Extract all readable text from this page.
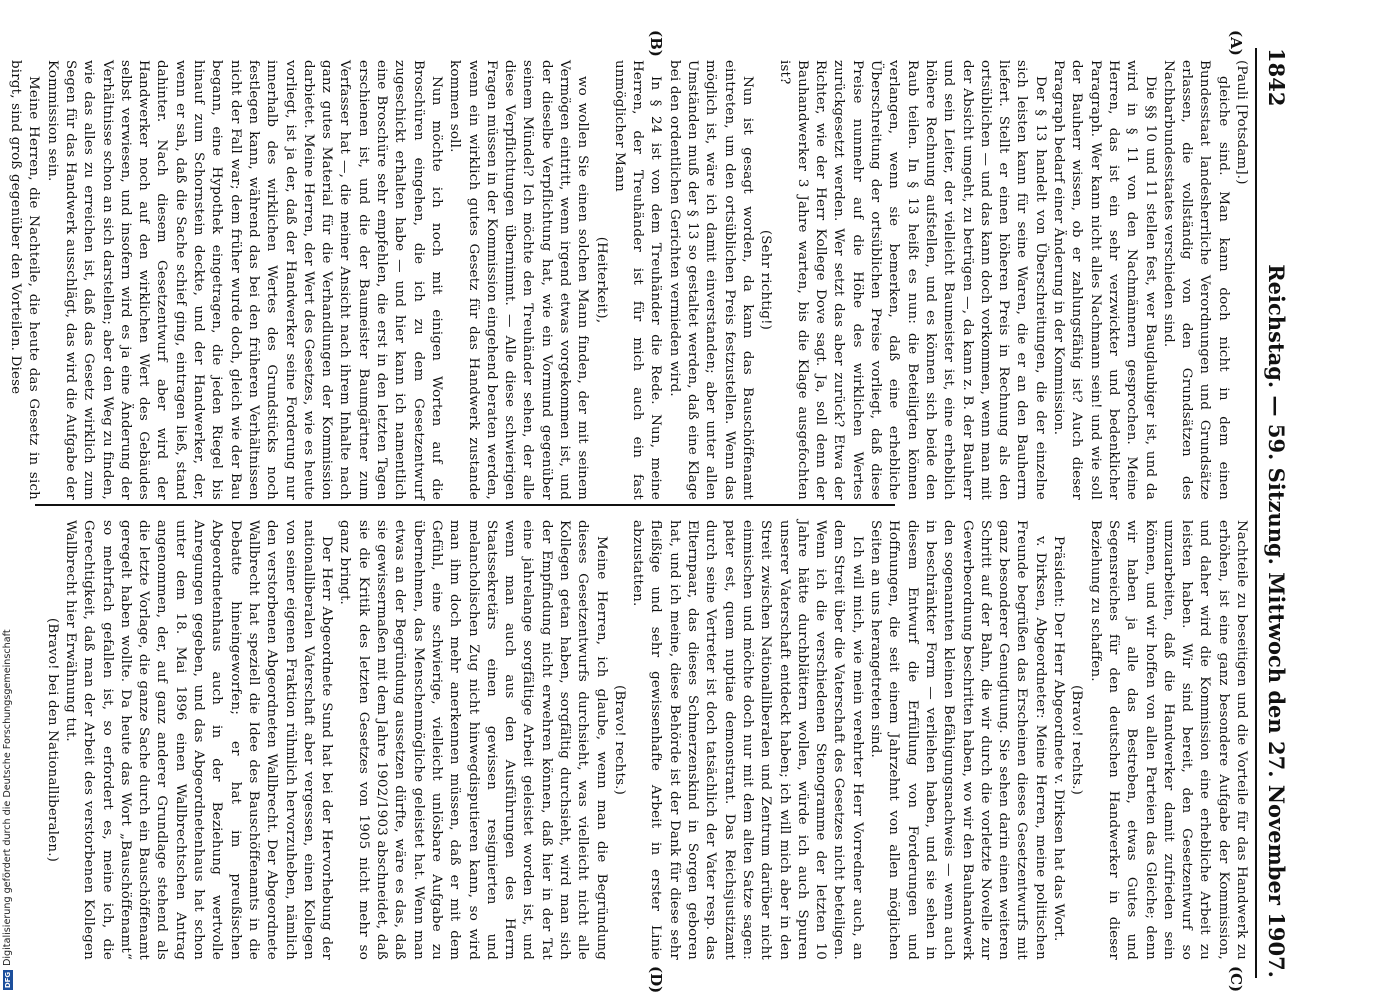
1842
Reichstag. — 59. Sitzung. Mittwoch den 27. November 1907.
(A)
(B)
(C)
(D)

(Pauli [Potsdam].)

gleiche sind. Man kann doch nicht in dem einen Bundesstaat landesherrliche Verordnungen und Grundsätze erlassen, die vollständig von den Grundsätzen des Nachbarbundesstaates verschieden sind.

Die §§ 10 und 11 stellen fest, wer Bauglaubiger ist, und da wird in § 11 von den Nachmännern gesprochen. Meine Herren, das ist ein sehr verzwickter und bedenklicher Paragraph. Wer kann nicht alles Nachmann sein! und wie soll der Bauherr wissen, ob er zahlungsfähig ist? Auch dieser Paragraph bedarf einer Änderung in der Kommission.

Der § 13 handelt von Überschreitungen, die der einzelne sich leisten kann für seine Waren, die er an den Bauherrn liefert. Stellt er einen höheren Preis in Rechnung als den ortsüblichen — und das kann doch vorkommen, wenn man mit der Absicht umgeht, zu betrügen —, da kann z. B. der Bauherr und sein Leiter, der vielleicht Baumeister ist, eine erheblich höhere Rechnung aufstellen, und es können sich beide den Raub teilen. In § 13 heißt es nun: die Beteiligten können verlangen, wenn sie bemerken, daß eine erhebliche Überschreitung der ortsüblichen Preise vorliegt, daß diese Preise nunmehr auf die Höhe des wirklichen Wertes zurückgesetzt werden. Wer setzt das aber zurück? Etwa der Richter, wie der Herr Kollege Dove sagt. Ja, soll denn der Bauhandwerker 3 Jahre warten, bis die Klage ausgefochten ist?

(Sehr richtig!)

Nun ist gesagt worden, da kann das Bauschöffenamt eintreten, um den ortsüblichen Preis festzustellen. Wenn das möglich ist, wäre ich damit einverstanden; aber unter allen Umständen muß der § 13 so gestaltet werden, daß eine Klage bei den ordentlichen Gerichten vermieden wird.

In § 24 ist von dem Treuhänder die Rede. Nun, meine Herren, der Treuhänder ist für mich auch ein fast unmöglicher Mann

(Heiterkeit),

wo wollen Sie einen solchen Mann finden, der mit seinem Vermögen eintritt, wenn irgend etwas vorgekommen ist, und der dieselbe Verpflichtung hat, wie ein Vormund gegenüber seinem Mündel? Ich möchte den Treuhänder sehen, der alle diese Verpflichtungen übernimmt. — Alle diese schwierigen Fragen müssen in der Kommission eingehend beraten werden, wenn ein wirklich gutes Gesetz für das Handwerk zustande kommen soll.

Nun möchte ich noch mit einigen Worten auf die Broschüren eingehen, die ich zu dem Gesetzentwurf zugeschickt erhalten habe — und hier kann ich namentlich eine Broschüre sehr empfehlen, die erst in den letzten Tagen erschienen ist, und die der Baumeister Baumgärtner zum Verfasser hat —, die meiner Ansicht nach ihrem Inhalte nach ganz gutes Material für die Verhandlungen der Kommission darbietet. Meine Herren, der Wert des Gesetzes, wie es heute vorliegt, ist ja der, daß der Handwerker seine Forderung nur innerhalb des wirklichen Wertes des Grundstücks noch festlegen kann, während das bei den früheren Verhältnissen nicht der Fall war; dem früher wurde doch, gleich wie der Bau begann, eine Hypothek eingetragen, die jeden Riegel bis hinauf zum Schornstein deckte, und der Handwerker, der, wenn er sah, daß die Sache schief ging, eintragen ließ, stand dahinter. Nach diesem Gesetzentwurf aber wird der Handwerker noch auf den wirklichen Wert des Gebäudes selbst verwiesen, und insofern wird es ja eine Änderung der Verhältnisse schon an sich darstellen; aber den Weg zu finden, wie das alles zu erreichen ist, daß das Gesetz wirklich zum Segen für das Handwerk ausschlägt, das wird die Aufgabe der Kommission sein.

Meine Herren, die Nachteile, die heute das Gesetz in sich birgt, sind groß gegenüber den Vorteilen. Diese

Nachteile zu beseitigen und die Vorteile für das Handwerk zu erhöhen, ist eine ganz besondere Aufgabe der Kommission, und daher wird die Kommission eine erhebliche Arbeit zu leisten haben. Wir sind bereit, den Gesetzentwurf so umzuarbeiten, daß die Handwerker damit zufrieden sein können, und wir hoffen von allen Parteien das Gleiche; denn wir haben ja alle das Bestreben, etwas Gutes und Segensreiches für den deutschen Handwerker in dieser Beziehung zu schaffen.

(Bravo! rechts.)

Präsident: Der Herr Abgeordnete v. Dirksen hat das Wort.

v. Dirksen, Abgeordneter: Meine Herren, meine politischen Freunde begrüßen das Erscheinen dieses Gesetzentwurfs mit ganz besonderer Genugtuung. Sie sehen darin einen weiteren Schritt auf der Bahn, die wir durch die vorletzte Novelle zur Gewerbeordnung beschritten haben, wo wir den Bauhandwerk den sogenannten kleinen Befähigungsnachweis — wenn auch in beschränkter Form — verliehen haben, und sie sehen in diesem Entwurf die Erfüllung von Forderungen und Hoffnungen, die seit einem Jahrzehnt von allen möglichen Seiten an uns herangetreten sind.

Ich will mich, wie mein verehrter Herr Vorredner auch, an dem Streit über die Vaterschaft des Gesetzes nicht beteiligen. Wenn ich die verschiedenen Stenogramme der letzten 10 Jahre hätte durchblättern wollen, würde ich auch Spuren unserer Vaterschaft entdeckt haben; ich will mich aber in den Streit zwischen Nationalliberalen und Zentrum darüber nicht einmischen und möchte doch nur mit dem alten Satze sagen: pater est, quem nuptiae demonstrant. Das Reichsjustizamt durch seine Vertreter ist doch tatsächlich der Vater resp. das Elternpaar, das dieses Schmerzenskind in Sorgen geboren hat, und ich meine, diese Behörde ist der Dank für diese sehr fleißige und sehr gewissenhafte Arbeit in erster Linie abzustatten.

(Bravo! rechts.)

Meine Herren, ich glaube, wenn man die Begründung dieses Gesetzentwurfs durchsieht, was vielleicht nicht alle Kollegen getan haben, sorgfältig durchsieht, wird man sich der Empfindung nicht erwehren können, daß hier in der Tat eine jahrelange sorgfältige Arbeit geleistet worden ist, und wenn man auch aus den Ausführungen des Herrn Staatssekretärs einen gewissen resignierten und melancholischen Zug nicht hinwegdisputieren kann, so wird man ihm doch mehr anerkennen müssen, daß er mit dem Gefühl, eine schwierige, vielleicht unlösbare Aufgabe zu übernehmen, das Menschenmögliche geleistet hat. Wenn man etwas an der Begründung aussetzen dürfte, wäre es das, daß sie gewissermaßen mit dem Jahre 1902/1903 abschneidet, daß sie die Kritik des letzten Gesetzes von 1905 nicht mehr so ganz bringt.

Der Herr Abgeordnete Sund hat bei der Hervorhebung der nationalliberalen Vaterschaft aber vergessen, einen Kollegen von seiner eigenen Fraktion rühmlich hervorzuheben, nämlich den verstorbenen Abgeordneten Wallbrecht. Der Abgeordnete Wallbrecht hat speziell die Idee des Bauschöffenamts in die Debatte hineingeworfen; er hat im preußischen Abgeordnetenhaus auch in der Beziehung wertvolle Anregungen gegeben, und das Abgeordnetenhaus hat schon unter dem 18. Mai 1896 einen Wallbrechtschen Antrag angenommen, der, auf ganz anderer Grundlage stehend als die letzte Vorlage, die ganze Sache durch ein Bauschöffenamt geregelt haben wollte. Da heute das Wort „Bauschöffenamt“ so mehrfach gefallen ist, so erfordert es, meine ich, die Gerechtigkeit, daß man der Arbeit des verstorbenen Kollegen Wallbrecht hier Erwähnung tut.

(Bravo! bei den Nationalliberalen.)

DFG
Digitalisierung gefördert durch die Deutsche Forschungsgemeinschaft
